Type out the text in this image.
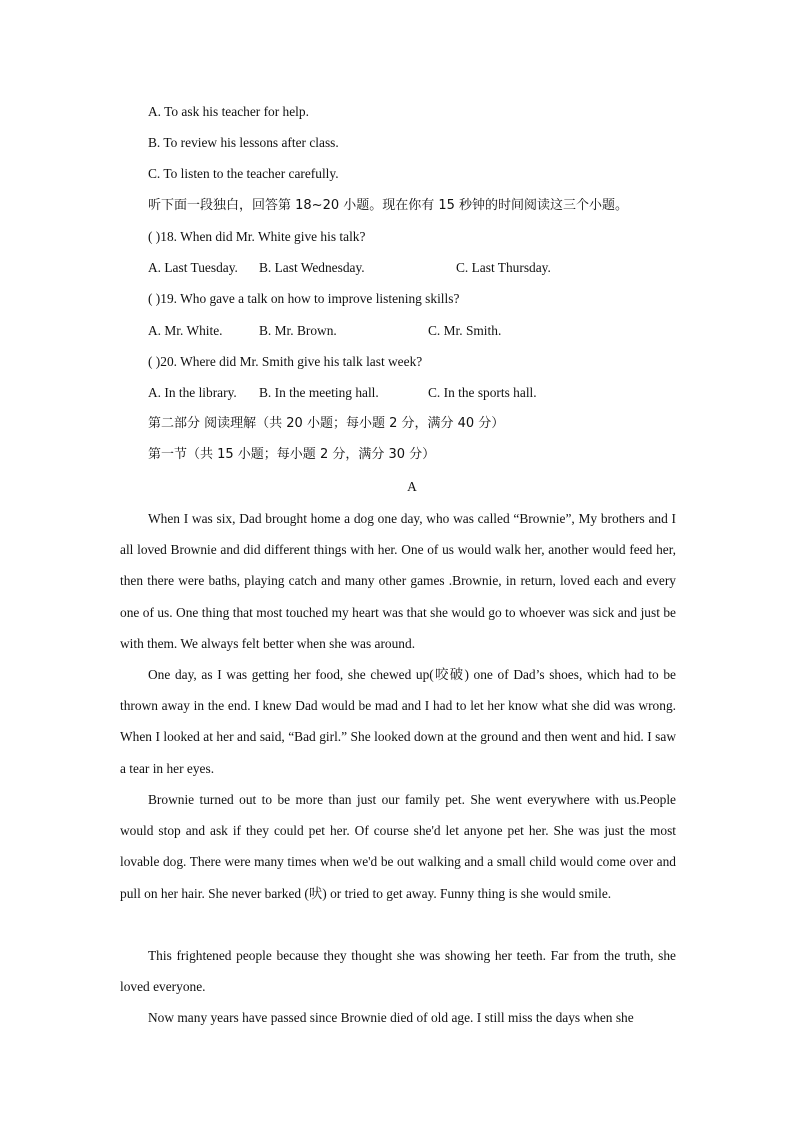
A. To ask his teacher for help.
B. To review his lessons after class.
C. To listen to the teacher carefully.
听下面一段独白，回答第 18~20 小题。现在你有 15 秒钟的时间阅读这三个小题。
( )18. When did Mr. White give his talk?
A. Last Tuesday.	B. Last Wednesday.	C. Last Thursday.
( )19. Who gave a talk on how to improve listening skills?
A. Mr. White.	B. Mr. Brown.	C. Mr. Smith.
( )20. Where did Mr. Smith give his talk last week?
A. In the library.	B. In the meeting hall.	C. In the sports hall.
第二部分 阅读理解（共 20 小题；每小题 2 分，满分 40 分）
第一节（共 15 小题；每小题 2 分，满分 30 分）
A
When I was six, Dad brought home a dog one day, who was called “Brownie”, My brothers and I all loved Brownie and did different things with her. One of us would walk her, another would feed her, then there were baths, playing catch and many other games .Brownie, in return, loved each and every one of us. One thing that most touched my heart was that she would go to whoever was sick and just be with them. We always felt better when she was around.
One day, as I was getting her food, she chewed up(咬破) one of Dad’s shoes, which had to be thrown away in the end. I knew Dad would be mad and I had to let her know what she did was wrong. When I looked at her and said, “Bad girl.” She looked down at the ground and then went and hid. I saw a tear in her eyes.
Brownie turned out to be more than just our family pet. She went everywhere with us.People would stop and ask if they could pet her. Of course she'd let anyone pet her. She was just the most lovable dog. There were many times when we'd be out walking and a small child would come over and pull on her hair. She never barked (吠) or tried to get away. Funny thing is she would smile.
This frightened people because they thought she was showing her teeth. Far from the truth, she loved everyone.
Now many years have passed since Brownie died of old age. I still miss the days when she
